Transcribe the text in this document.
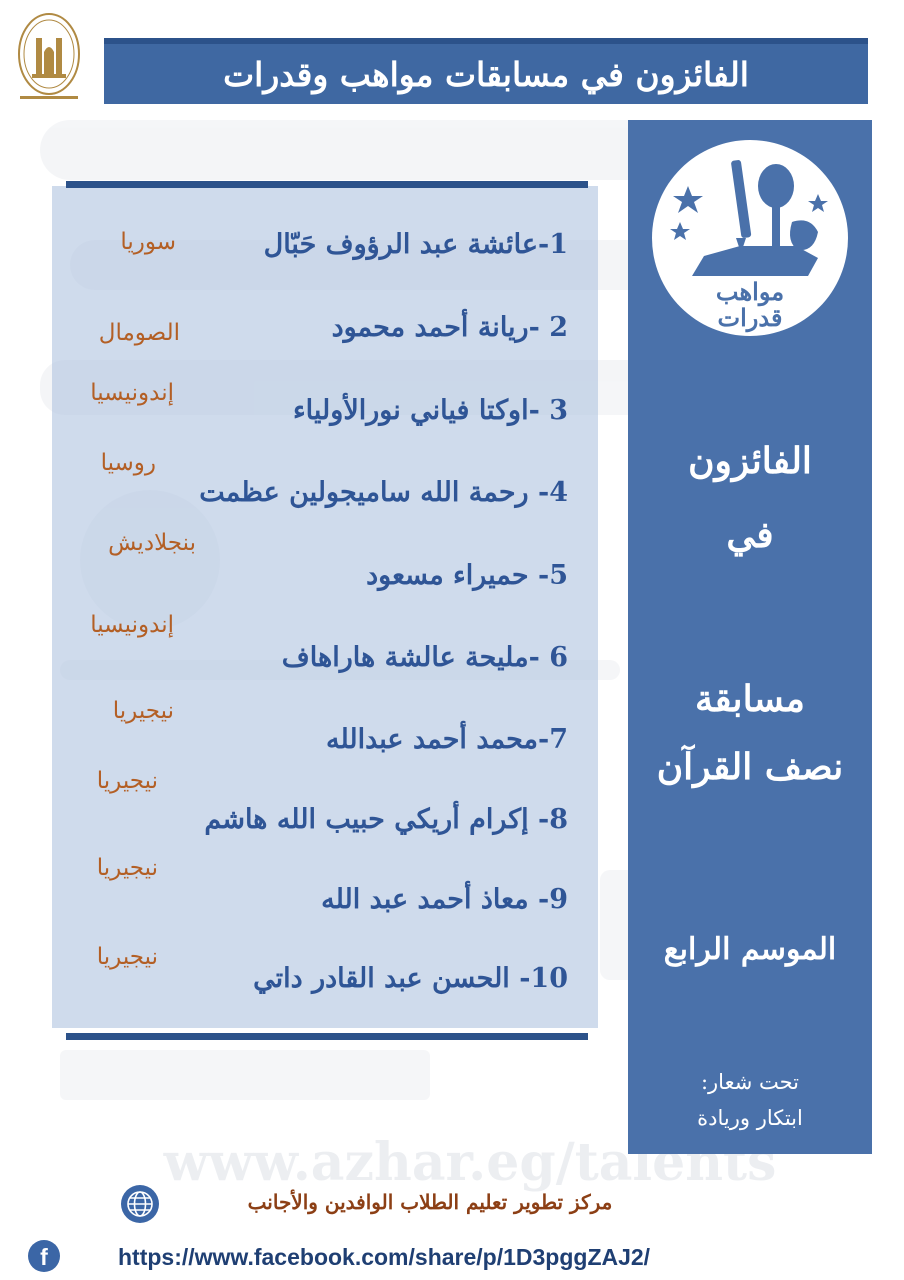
www.azhar.eg/talents
الفائزون في مسابقات مواهب وقدرات
1-عائشة عبد الرؤوف حَبّال
2 -ريانة أحمد محمود
3 -اوكتا فياني نورالأولياء
4- رحمة الله ساميجولين عظمت
5- حميراء مسعود
6 -مليحة عالشة هاراهاف
7-محمد أحمد عبدالله
8- إكرام أريكي حبيب الله هاشم
9- معاذ أحمد عبد الله
10- الحسن عبد القادر داتي
سوريا
الصومال
إندونيسيا
روسيا
بنجلاديش
إندونيسيا
نيجيريا
نيجيريا
نيجيريا
نيجيريا
مواهب
قدرات
الفائزون
في
مسابقة
نصف القرآن
الموسم الرابع
تحت شعار:
ابتكار وريادة
مركز تطوير تعليم الطلاب الوافدين والأجانب
f	https://www.facebook.com/share/p/1D3pggZAJ2/
